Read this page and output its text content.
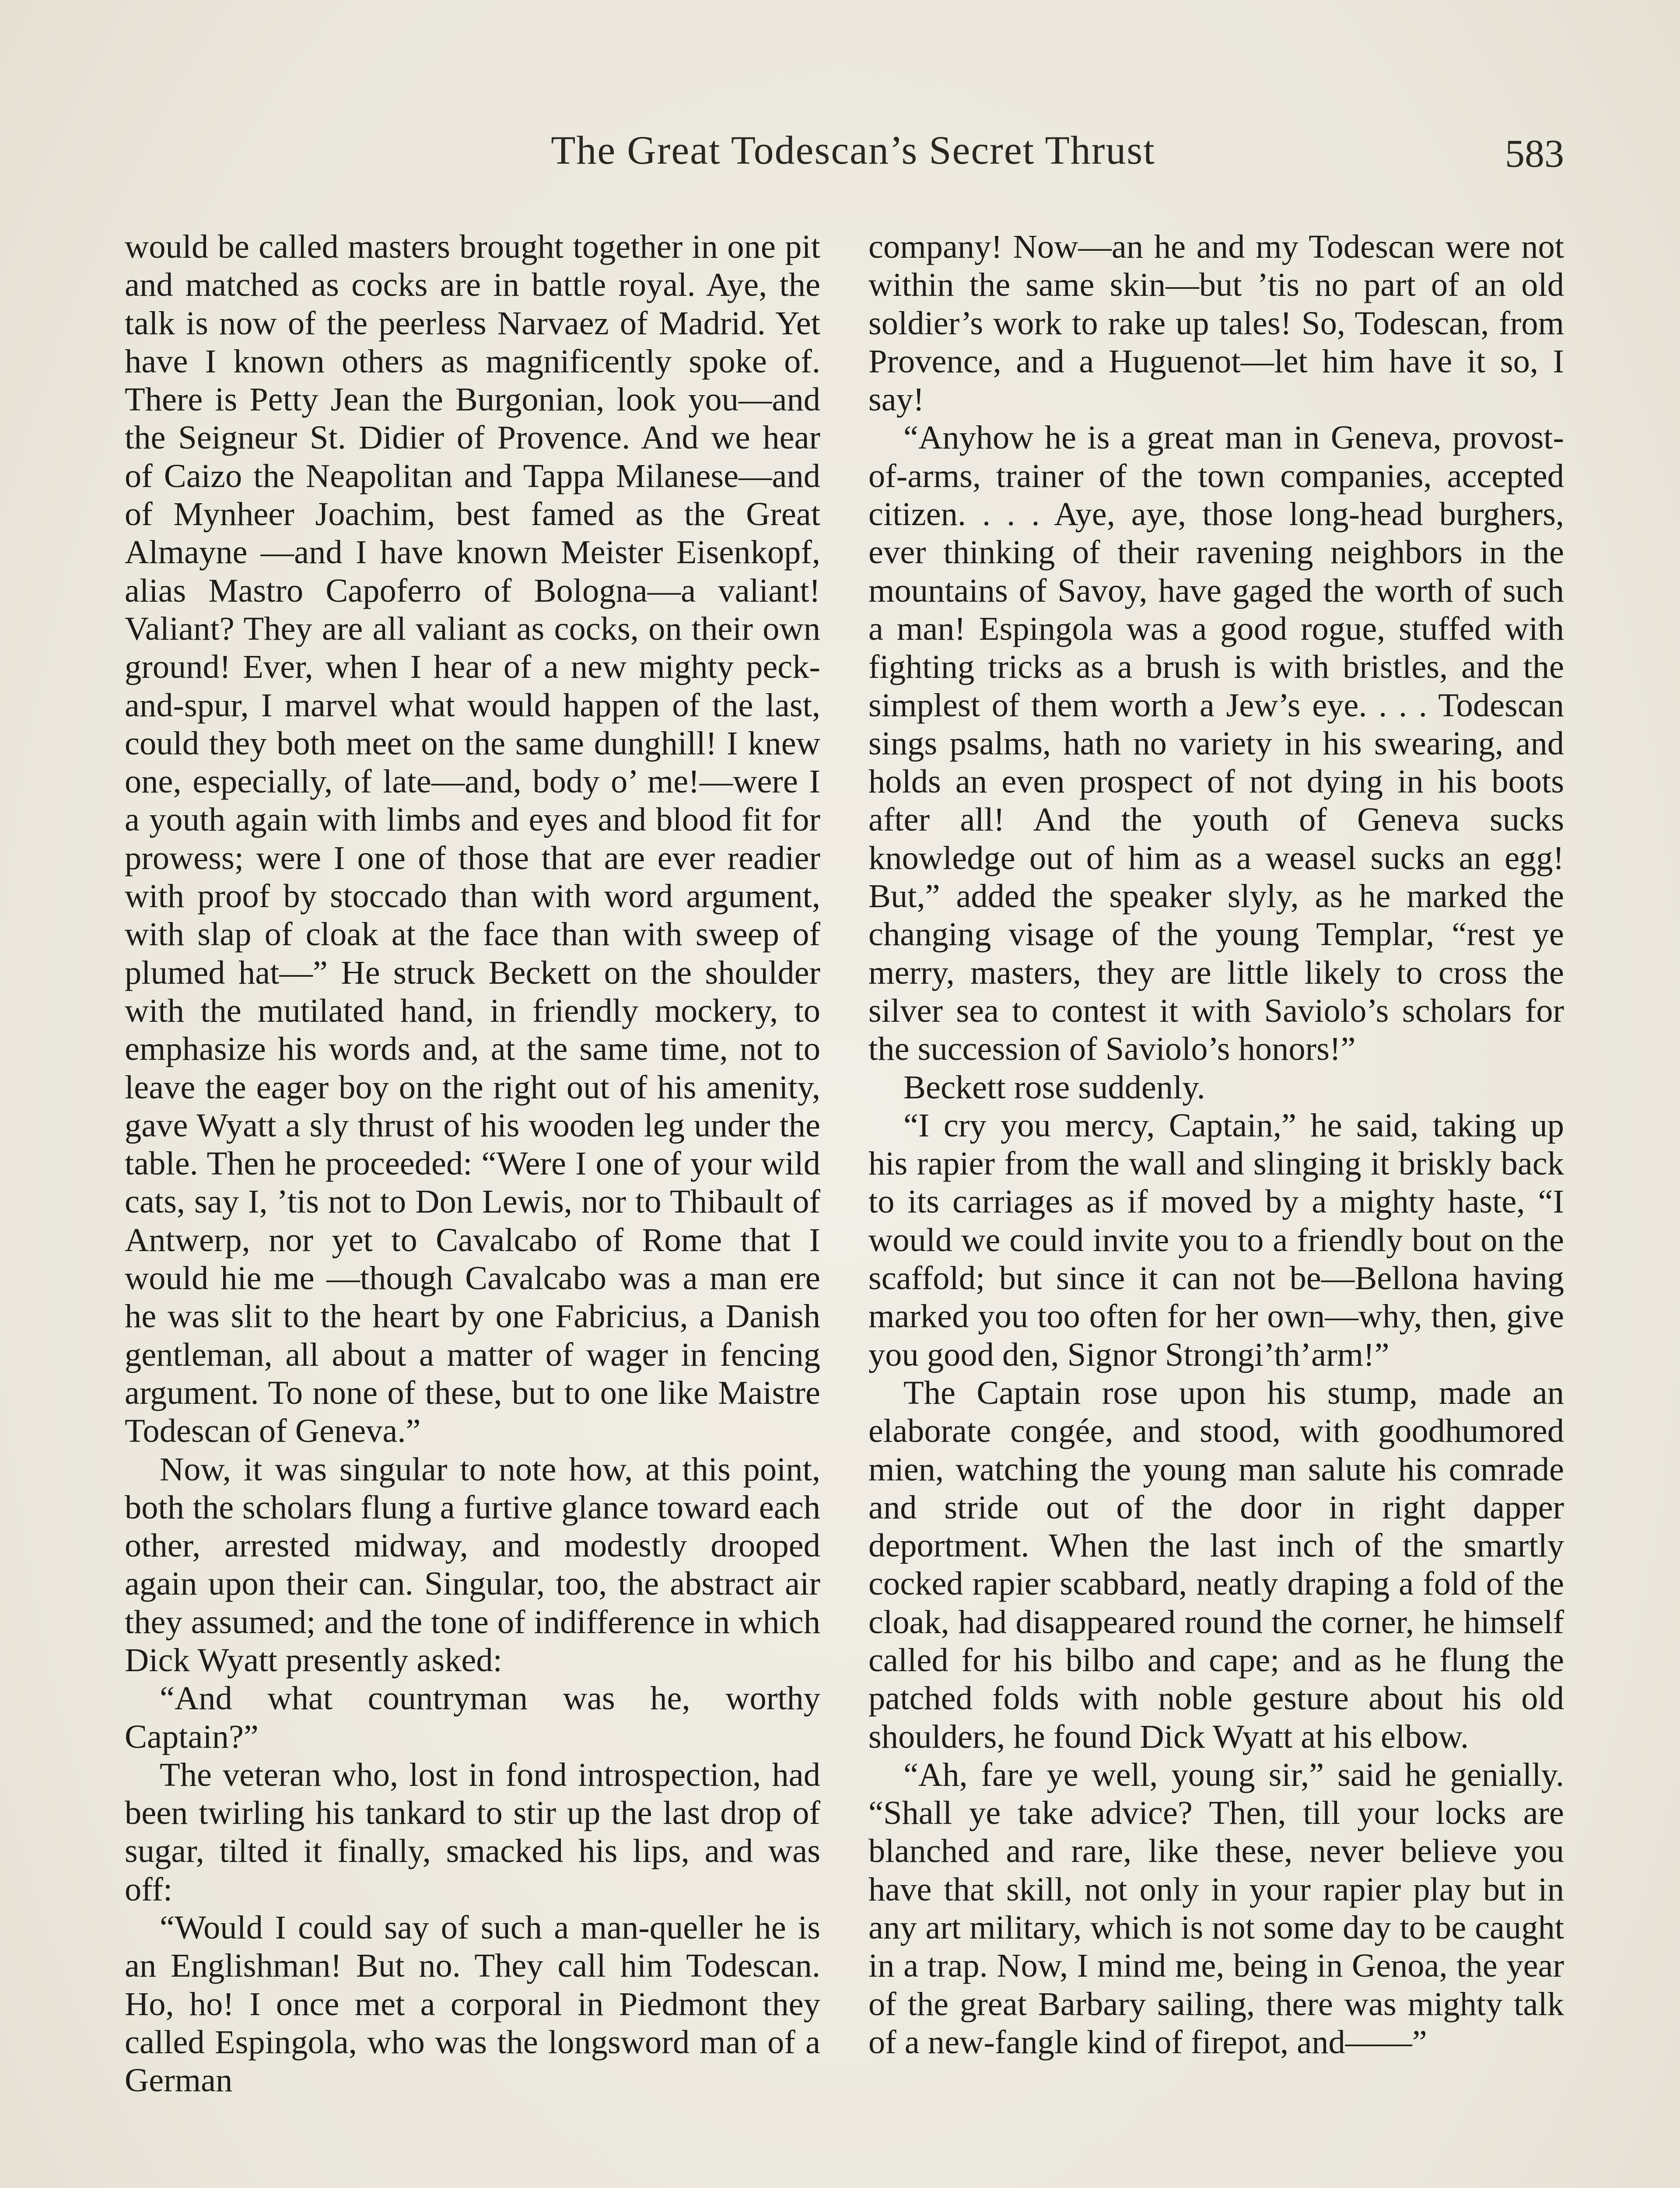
The Great Todescan’s Secret Thrust	583

would be called masters brought together in one pit and matched as cocks are in battle royal. Aye, the talk is now of the peerless Narvaez of Madrid. Yet have I known others as magnificently spoke of. There is Petty Jean the Burgonian, look you—and the Seigneur St. Didier of Provence. And we hear of Caizo the Neapolitan and Tappa Milanese—and of Mynheer Joachim, best famed as the Great Almayne —and I have known Meister Eisenkopf, alias Mastro Capoferro of Bologna—a valiant! Valiant? They are all valiant as cocks, on their own ground! Ever, when I hear of a new mighty peck-and-spur, I marvel what would happen of the last, could they both meet on the same dunghill! I knew one, especially, of late—and, body o’ me!—were I a youth again with limbs and eyes and blood fit for prowess; were I one of those that are ever readier with proof by stoccado than with word argument, with slap of cloak at the face than with sweep of plumed hat—” He struck Beckett on the shoulder with the mutilated hand, in friendly mockery, to emphasize his words and, at the same time, not to leave the eager boy on the right out of his amenity, gave Wyatt a sly thrust of his wooden leg under the table. Then he proceeded: “Were I one of your wild cats, say I, ’tis not to Don Lewis, nor to Thibault of Antwerp, nor yet to Cavalcabo of Rome that I would hie me —though Cavalcabo was a man ere he was slit to the heart by one Fabricius, a Danish gentleman, all about a matter of wager in fencing argument. To none of these, but to one like Maistre Todescan of Geneva.”

Now, it was singular to note how, at this point, both the scholars flung a furtive glance toward each other, arrested midway, and modestly drooped again upon their can. Singular, too, the abstract air they assumed; and the tone of indifference in which Dick Wyatt presently asked:

“And what countryman was he, worthy Captain?”

The veteran who, lost in fond introspection, had been twirling his tankard to stir up the last drop of sugar, tilted it finally, smacked his lips, and was off:

“Would I could say of such a man-queller he is an Englishman! But no. They call him Todescan. Ho, ho! I once met a corporal in Piedmont they called Espingola, who was the longsword man of a German

company! Now—an he and my Todescan were not within the same skin—but ’tis no part of an old soldier’s work to rake up tales! So, Todescan, from Provence, and a Huguenot—let him have it so, I say!

“Anyhow he is a great man in Geneva, provost-of-arms, trainer of the town companies, accepted citizen. . . . Aye, aye, those long-head burghers, ever thinking of their ravening neighbors in the mountains of Savoy, have gaged the worth of such a man! Espingola was a good rogue, stuffed with fighting tricks as a brush is with bristles, and the simplest of them worth a Jew’s eye. . . . Todescan sings psalms, hath no variety in his swearing, and holds an even prospect of not dying in his boots after all! And the youth of Geneva sucks knowledge out of him as a weasel sucks an egg! But,” added the speaker slyly, as he marked the changing visage of the young Templar, “rest ye merry, masters, they are little likely to cross the silver sea to contest it with Saviolo’s scholars for the succession of Saviolo’s honors!”

Beckett rose suddenly.

“I cry you mercy, Captain,” he said, taking up his rapier from the wall and slinging it briskly back to its carriages as if moved by a mighty haste, “I would we could invite you to a friendly bout on the scaffold; but since it can not be—Bellona having marked you too often for her own—why, then, give you good den, Signor Strongi’th’arm!”

The Captain rose upon his stump, made an elaborate congée, and stood, with goodhumored mien, watching the young man salute his comrade and stride out of the door in right dapper deportment. When the last inch of the smartly cocked rapier scabbard, neatly draping a fold of the cloak, had disappeared round the corner, he himself called for his bilbo and cape; and as he flung the patched folds with noble gesture about his old shoulders, he found Dick Wyatt at his elbow.

“Ah, fare ye well, young sir,” said he genially. “Shall ye take advice? Then, till your locks are blanched and rare, like these, never believe you have that skill, not only in your rapier play but in any art military, which is not some day to be caught in a trap. Now, I mind me, being in Genoa, the year of the great Barbary sailing, there was mighty talk of a new-fangle kind of firepot, and——”
